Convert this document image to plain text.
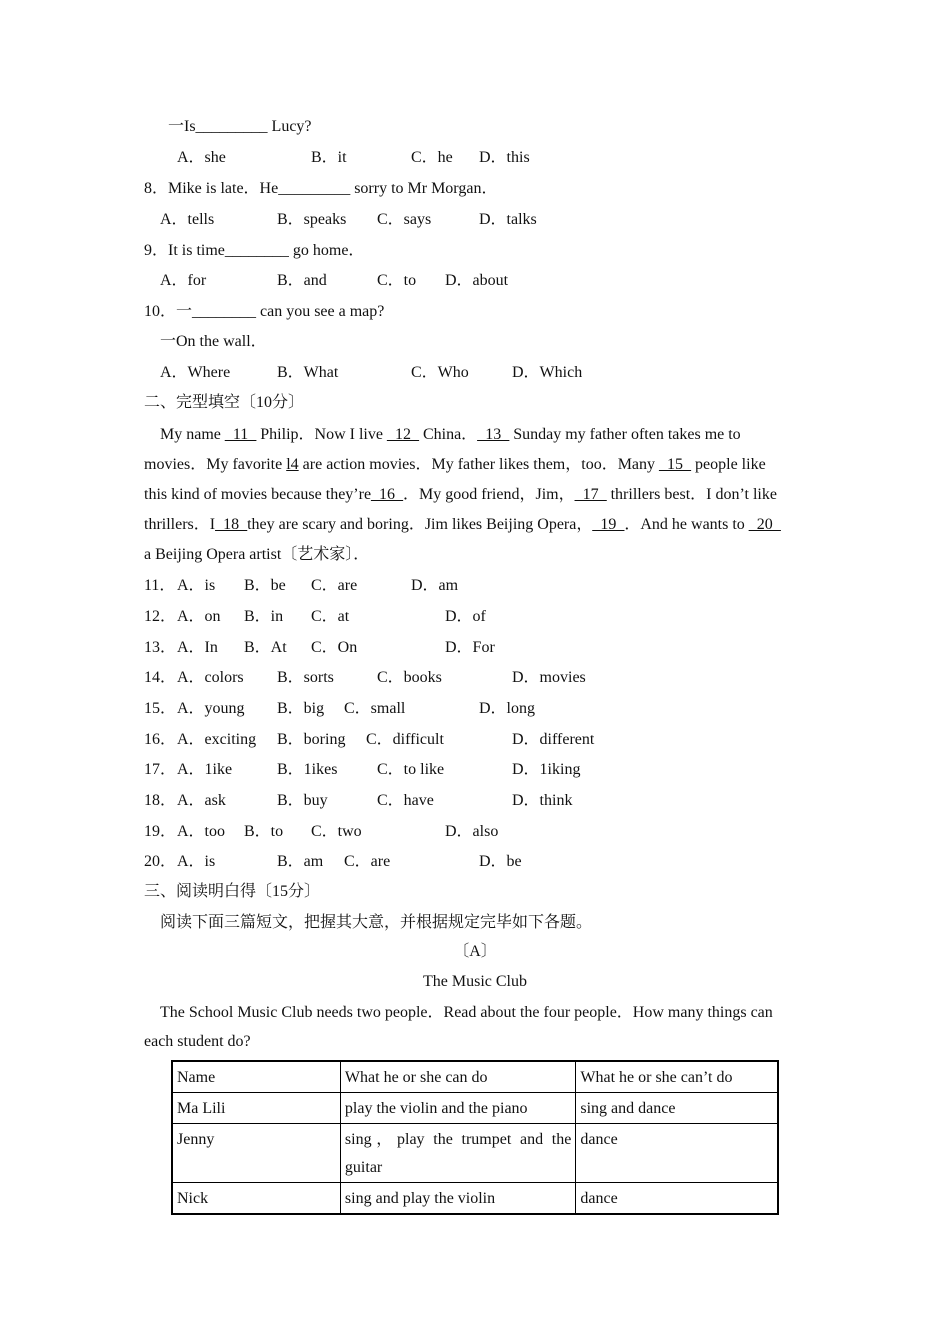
一Is_________ Lucy?
A．she	B．it	C．he D．this
8．Mike is late．He_________ sorry to Mr Morgan．
A．tells	B．speaks C．says	D．talks
9．It is time________ go home．
A．for	B．and	C．to D．about
10．一________ can you see a map?
一On the wall．
A．Where	B．What	C．Who	D．Which
二、完型填空〔10分〕
My name _11_ Philip．Now I live _12_ China．_13_ Sunday my father often takes me to
movies．My favorite l4 are action movies．My father likes them，too．Many _15_ people like
this kind of movies because they’re_16_．My good friend，Jim，_17_ thrillers best．I don’t like
thrillers．I_18_they are scary and boring．Jim likes Beijing Opera，_19_．And he wants to _20_
a Beijing Opera artist〔艺术家〕．
11． A．is B．be C．are	D．am
12． A．on B．in C．at	D．of
13． A．In B．At C．On	D．For
14． A．colors B．sorts	C．books	D．movies
15． A．young B．big C．small	D．long
16． A．exciting B．boring C．difficult	D．different
17． A．1ike	B．1ikes C．to like	D．1iking
18． A．ask	B．buy	C．have	D．think
19． A．too B．to C．two	D．also
20． A．is	B．am C．are	D．be
三、阅读明白得〔15分〕
阅读下面三篇短文，把握其大意，并根据规定完毕如下各题。
〔A〕
The Music Club
The School Music Club needs two people．Read about the four people．How many things can
each student do?
Name	What he or she can do	What he or she can’t do
Ma Lili	play the violin and the piano	sing and dance
Jenny	sing，play the trumpet and the guitar	dance
Nick	sing and play the violin	dance
